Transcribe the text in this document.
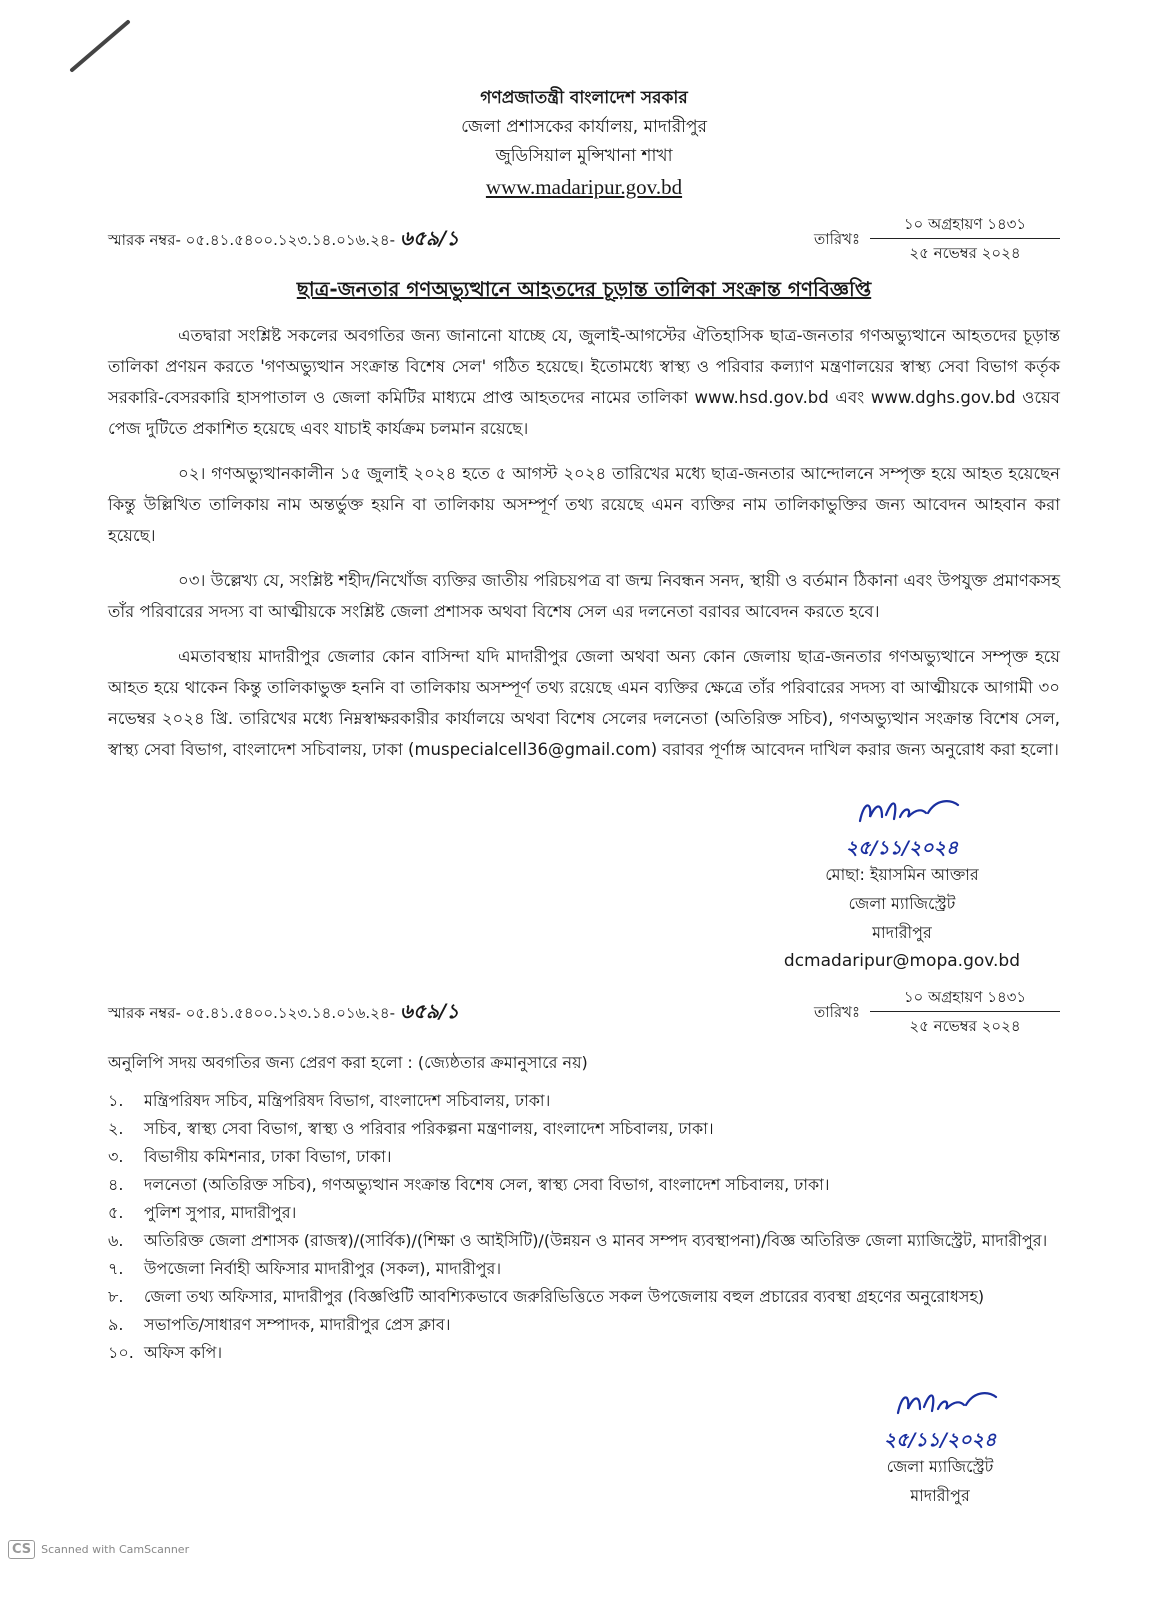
গণপ্রজাতন্ত্রী বাংলাদেশ সরকার
জেলা প্রশাসকের কার্যালয়, মাদারীপুর
জুডিসিয়াল মুন্সিখানা শাখা
www.madaripur.gov.bd
স্মারক নম্বর- ০৫.৪১.৫৪০০.১২৩.১৪.০১৬.২৪- ৬৫৯/১	তারিখঃ
১০ অগ্রহায়ণ ১৪৩১
২৫ নভেম্বর ২০২৪
ছাত্র-জনতার গণঅভ্যুত্থানে আহতদের চূড়ান্ত তালিকা সংক্রান্ত গণবিজ্ঞপ্তি

এতদ্বারা সংশ্লিষ্ট সকলের অবগতির জন্য জানানো যাচ্ছে যে, জুলাই-আগস্টের ঐতিহাসিক ছাত্র-জনতার গণঅভ্যুত্থানে আহতদের চূড়ান্ত তালিকা প্রণয়ন করতে 'গণঅভ্যুত্থান সংক্রান্ত বিশেষ সেল' গঠিত হয়েছে। ইতোমধ্যে স্বাস্থ্য ও পরিবার কল্যাণ মন্ত্রণালয়ের স্বাস্থ্য সেবা বিভাগ কর্তৃক সরকারি-বেসরকারি হাসপাতাল ও জেলা কমিটির মাধ্যমে প্রাপ্ত আহতদের নামের তালিকা www.hsd.gov.bd এবং www.dghs.gov.bd ওয়েব পেজ দুটিতে প্রকাশিত হয়েছে এবং যাচাই কার্যক্রম চলমান রয়েছে।

০২। গণঅভ্যুত্থানকালীন ১৫ জুলাই ২০২৪ হতে ৫ আগস্ট ২০২৪ তারিখের মধ্যে ছাত্র-জনতার আন্দোলনে সম্পৃক্ত হয়ে আহত হয়েছেন কিন্তু উল্লিখিত তালিকায় নাম অন্তর্ভুক্ত হয়নি বা তালিকায় অসম্পূর্ণ তথ্য রয়েছে এমন ব্যক্তির নাম তালিকাভুক্তির জন্য আবেদন আহবান করা হয়েছে।

০৩। উল্লেখ্য যে, সংশ্লিষ্ট শহীদ/নিখোঁজ ব্যক্তির জাতীয় পরিচয়পত্র বা জন্ম নিবন্ধন সনদ, স্থায়ী ও বর্তমান ঠিকানা এবং উপযুক্ত প্রমাণকসহ তাঁর পরিবারের সদস্য বা আত্মীয়কে সংশ্লিষ্ট জেলা প্রশাসক অথবা বিশেষ সেল এর দলনেতা বরাবর আবেদন করতে হবে।

এমতাবস্থায় মাদারীপুর জেলার কোন বাসিন্দা যদি মাদারীপুর জেলা অথবা অন্য কোন জেলায় ছাত্র-জনতার গণঅভ্যুত্থানে সম্পৃক্ত হয়ে আহত হয়ে থাকেন কিন্তু তালিকাভুক্ত হননি বা তালিকায় অসম্পূর্ণ তথ্য রয়েছে এমন ব্যক্তির ক্ষেত্রে তাঁর পরিবারের সদস্য বা আত্মীয়কে আগামী ৩০ নভেম্বর ২০২৪ খ্রি. তারিখের মধ্যে নিম্নস্বাক্ষরকারীর কার্যালয়ে অথবা বিশেষ সেলের দলনেতা (অতিরিক্ত সচিব), গণঅভ্যুত্থান সংক্রান্ত বিশেষ সেল, স্বাস্থ্য সেবা বিভাগ, বাংলাদেশ সচিবালয়, ঢাকা (muspecialcell36@gmail.com) বরাবর পূর্ণাঙ্গ আবেদন দাখিল করার জন্য অনুরোধ করা হলো।

২৫/১১/২০২৪
মোছা: ইয়াসমিন আক্তার
জেলা ম্যাজিস্ট্রেট
মাদারীপুর
dcmadaripur@mopa.gov.bd
স্মারক নম্বর- ০৫.৪১.৫৪০০.১২৩.১৪.০১৬.২৪- ৬৫৯/১	তারিখঃ
১০ অগ্রহায়ণ ১৪৩১
২৫ নভেম্বর ২০২৪
অনুলিপি সদয় অবগতির জন্য প্রেরণ করা হলো : (জ্যেষ্ঠতার ক্রমানুসারে নয়)
১.	মন্ত্রিপরিষদ সচিব, মন্ত্রিপরিষদ বিভাগ, বাংলাদেশ সচিবালয়, ঢাকা।
২.	সচিব, স্বাস্থ্য সেবা বিভাগ, স্বাস্থ্য ও পরিবার পরিকল্পনা মন্ত্রণালয়, বাংলাদেশ সচিবালয়, ঢাকা।
৩.	বিভাগীয় কমিশনার, ঢাকা বিভাগ, ঢাকা।
৪.	দলনেতা (অতিরিক্ত সচিব), গণঅভ্যুত্থান সংক্রান্ত বিশেষ সেল, স্বাস্থ্য সেবা বিভাগ, বাংলাদেশ সচিবালয়, ঢাকা।
৫.	পুলিশ সুপার, মাদারীপুর।
৬.	অতিরিক্ত জেলা প্রশাসক (রাজস্ব)/(সার্বিক)/(শিক্ষা ও আইসিটি)/(উন্নয়ন ও মানব সম্পদ ব্যবস্থাপনা)/বিজ্ঞ অতিরিক্ত জেলা ম্যাজিস্ট্রেট, মাদারীপুর।
৭.	উপজেলা নির্বাহী অফিসার মাদারীপুর (সকল), মাদারীপুর।
৮.	জেলা তথ্য অফিসার, মাদারীপুর (বিজ্ঞপ্তিটি আবশ্যিকভাবে জরুরিভিত্তিতে সকল উপজেলায় বহুল প্রচারের ব্যবস্থা গ্রহণের অনুরোধসহ)
৯.	সভাপতি/সাধারণ সম্পাদক, মাদারীপুর প্রেস ক্লাব।
১০. অফিস কপি।
২৫/১১/২০২৪
জেলা ম্যাজিস্ট্রেট
মাদারীপুর
CS Scanned with CamScanner
